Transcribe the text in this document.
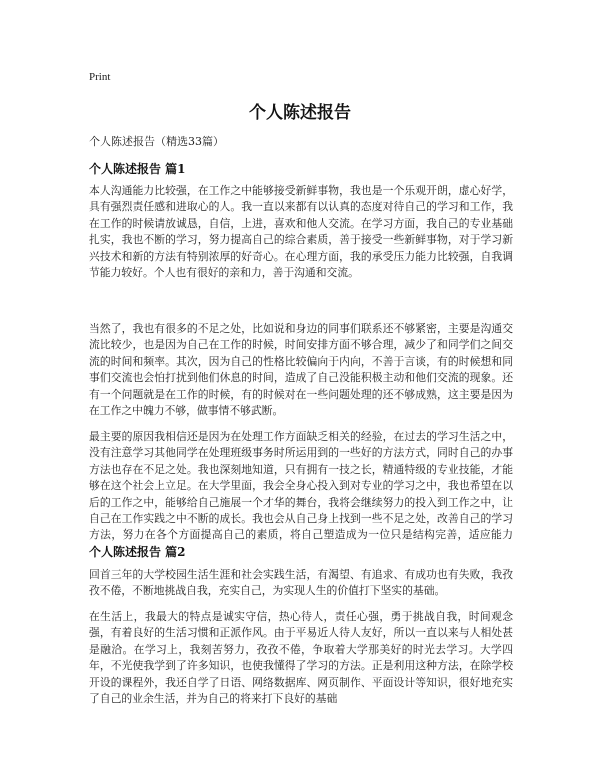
Print
个人陈述报告
个人陈述报告（精选33篇）
个人陈述报告 篇1

本人沟通能力比较强，在工作之中能够接受新鲜事物，我也是一个乐观开朗，虚心好学，具有强烈责任感和进取心的人。我一直以来都有以认真的态度对待自己的学习和工作，我在工作的时候请放诚恳，自信，上进，喜欢和他人交流。在学习方面，我自己的专业基础扎实，我也不断的学习，努力提高自己的综合素质，善于接受一些新鲜事物，对于学习新兴技术和新的方法有特别浓厚的好奇心。在心理方面，我的承受压力能力比较强，自我调节能力较好。个人也有很好的亲和力，善于沟通和交流。

当然了，我也有很多的不足之处，比如说和身边的同事们联系还不够紧密，主要是沟通交流比较少，也是因为自己在工作的时候，时间安排方面不够合理，减少了和同学们之间交流的时间和频率。其次，因为自己的性格比较偏向于内向，不善于言谈，有的时候想和同事们交流也会怕打扰到他们休息的时间，造成了自己没能积极主动和他们交流的现象。还有一个问题就是在工作的时候，有的时候对在一些问题处理的还不够成熟，这主要是因为在工作之中魄力不够，做事情不够武断。

最主要的原因我相信还是因为在处理工作方面缺乏相关的经验，在过去的学习生活之中，没有注意学习其他同学在处理班级事务时所运用到的一些好的方法方式，同时自己的办事方法也存在不足之处。我也深刻地知道，只有拥有一技之长，精通特级的专业技能，才能够在这个社会上立足。在大学里面，我会全身心投入到对专业的学习之中，我也希望在以后的工作之中，能够给自己施展一个才华的舞台，我将会继续努力的投入到工作之中，让自己在工作实践之中不断的成长。我也会从自己身上找到一些不足之处，改善自己的学习方法，努力在各个方面提高自己的素质，将自己塑造成为一位只是结构完善，适应能力

个人陈述报告 篇2

回首三年的大学校园生活生涯和社会实践生活，有渴望、有追求、有成功也有失败，我孜孜不倦，不断地挑战自我，充实自己，为实现人生的价值打下坚实的基础。

在生活上，我最大的特点是诚实守信，热心待人，责任心强，勇于挑战自我，时间观念强，有着良好的生活习惯和正派作风。由于平易近人待人友好，所以一直以来与人相处甚是融洽。在学习上，我刻苦努力，孜孜不倦，争取着大学那美好的时光去学习。大学四年，不光使我学到了许多知识，也使我懂得了学习的方法。正是利用这种方法，在除学校开设的课程外，我还自学了日语、网络数据库、网页制作、平面设计等知识，很好地充实了自己的业余生活，并为自己的将来打下良好的基础
